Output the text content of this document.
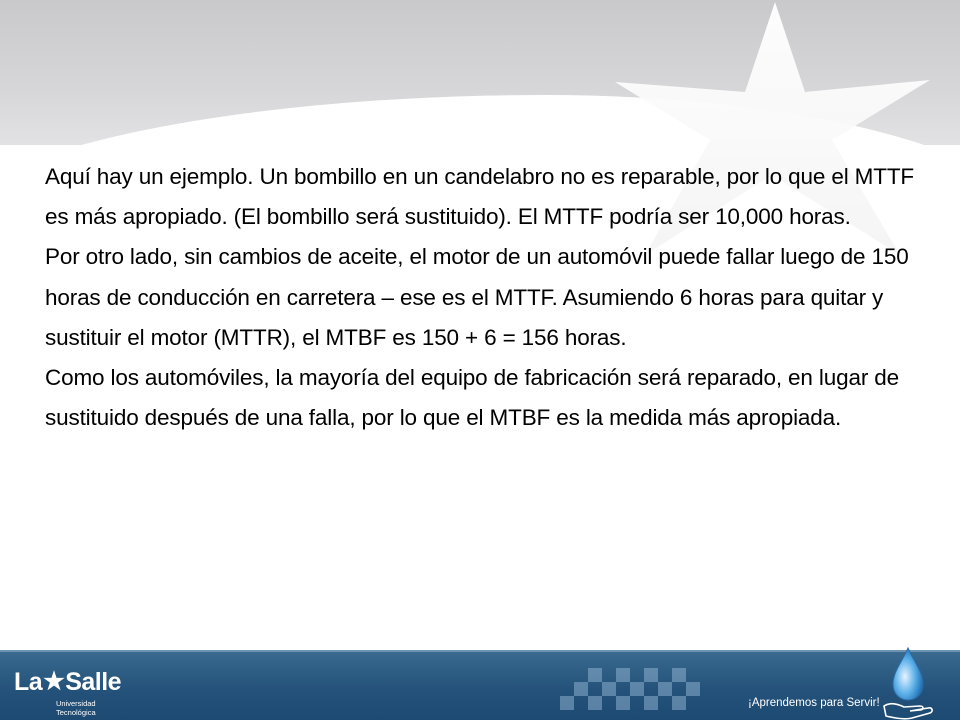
Aquí hay un ejemplo. Un bombillo en un candelabro no es reparable, por lo que el MTTF es más apropiado. (El bombillo será sustituido). El MTTF podría ser 10,000 horas.

Por otro lado, sin cambios de aceite, el motor de un automóvil puede fallar luego de 150 horas de conducción en carretera – ese es el MTTF. Asumiendo 6 horas para quitar y sustituir el motor (MTTR), el MTBF es 150 + 6 = 156 horas.

Como los automóviles, la mayoría del equipo de fabricación será reparado, en lugar de sustituido después de una falla, por lo que el MTBF es la medida más apropiada.

La★Salle
Universidad
Tecnológica
¡Aprendemos para Servir!
